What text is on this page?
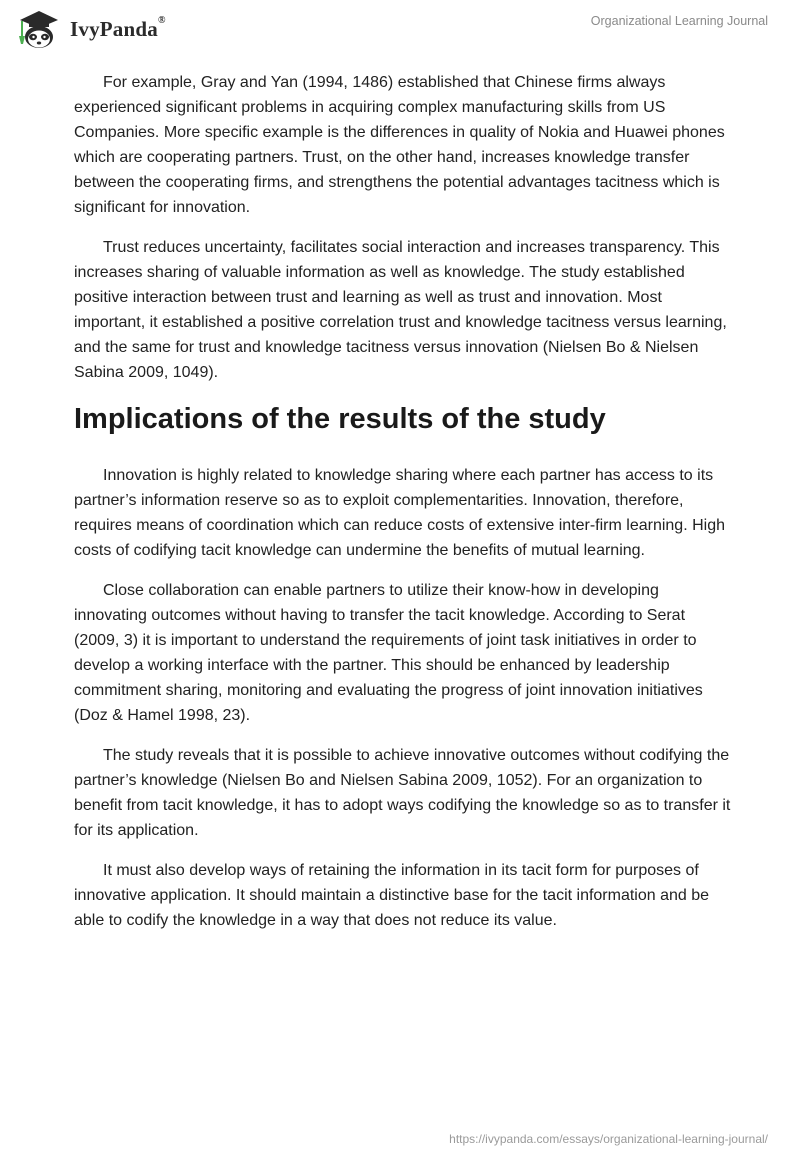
IvyPanda®	Organizational Learning Journal

For example, Gray and Yan (1994, 1486) established that Chinese firms always experienced significant problems in acquiring complex manufacturing skills from US Companies. More specific example is the differences in quality of Nokia and Huawei phones which are cooperating partners. Trust, on the other hand, increases knowledge transfer between the cooperating firms, and strengthens the potential advantages tacitness which is significant for innovation.

Trust reduces uncertainty, facilitates social interaction and increases transparency. This increases sharing of valuable information as well as knowledge. The study established positive interaction between trust and learning as well as trust and innovation. Most important, it established a positive correlation trust and knowledge tacitness versus learning, and the same for trust and knowledge tacitness versus innovation (Nielsen Bo & Nielsen Sabina 2009, 1049).

Implications of the results of the study

Innovation is highly related to knowledge sharing where each partner has access to its partner’s information reserve so as to exploit complementarities. Innovation, therefore, requires means of coordination which can reduce costs of extensive inter-firm learning. High costs of codifying tacit knowledge can undermine the benefits of mutual learning.

Close collaboration can enable partners to utilize their know-how in developing innovating outcomes without having to transfer the tacit knowledge. According to Serat (2009, 3) it is important to understand the requirements of joint task initiatives in order to develop a working interface with the partner. This should be enhanced by leadership commitment sharing, monitoring and evaluating the progress of joint innovation initiatives (Doz & Hamel 1998, 23).

The study reveals that it is possible to achieve innovative outcomes without codifying the partner’s knowledge (Nielsen Bo and Nielsen Sabina 2009, 1052). For an organization to benefit from tacit knowledge, it has to adopt ways codifying the knowledge so as to transfer it for its application.

It must also develop ways of retaining the information in its tacit form for purposes of innovative application. It should maintain a distinctive base for the tacit information and be able to codify the knowledge in a way that does not reduce its value.

https://ivypanda.com/essays/organizational-learning-journal/
